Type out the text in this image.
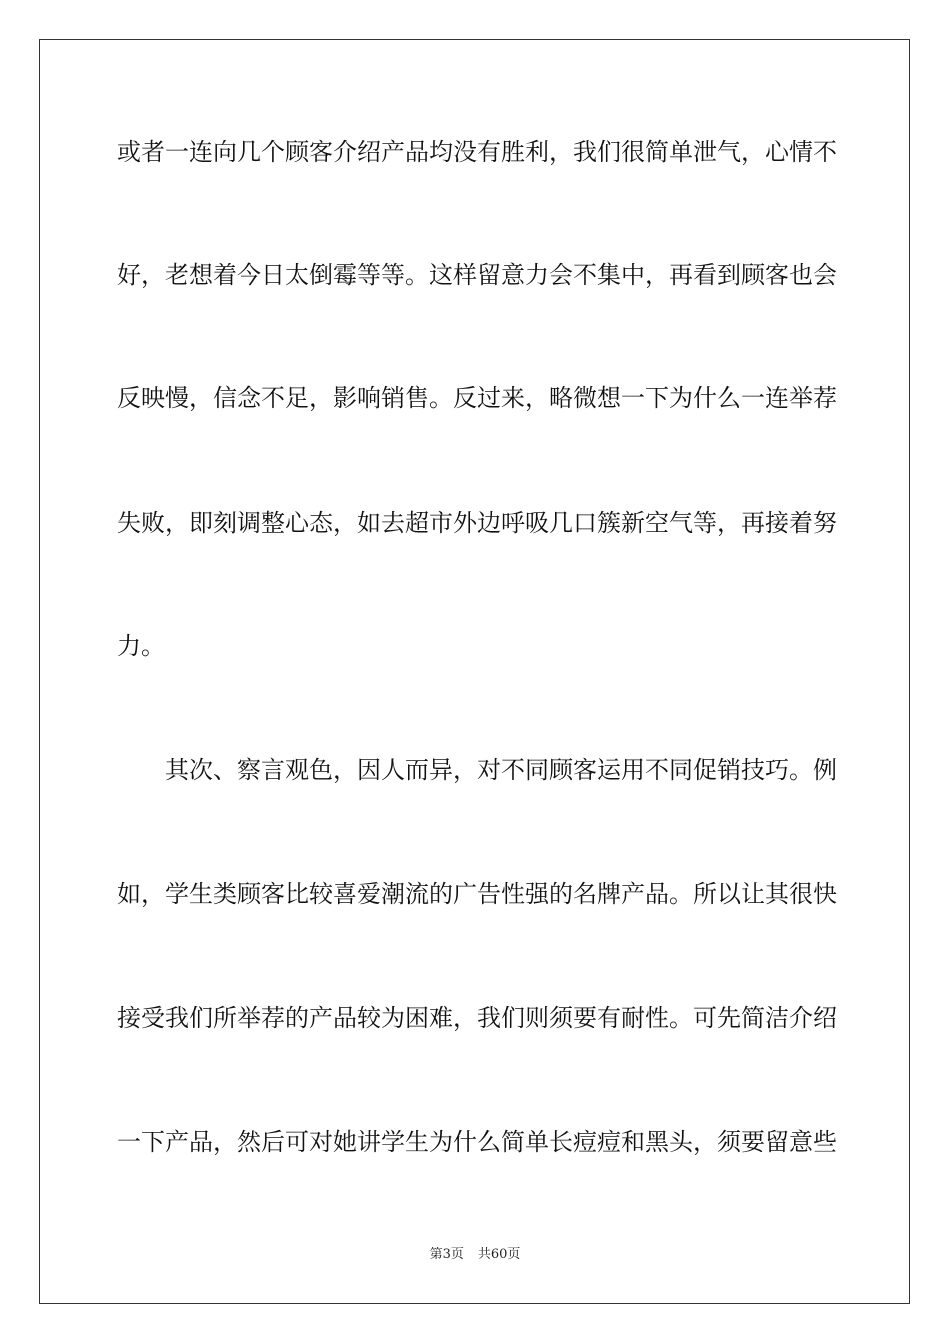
或者一连向几个顾客介绍产品均没有胜利，我们很简单泄气，心情不
好，老想着今日太倒霉等等。这样留意力会不集中，再看到顾客也会
反映慢，信念不足，影响销售。反过来，略微想一下为什么一连举荐
失败，即刻调整心态，如去超市外边呼吸几口簇新空气等，再接着努
力。
其次、察言观色，因人而异，对不同顾客运用不同促销技巧。例
如，学生类顾客比较喜爱潮流的广告性强的名牌产品。所以让其很快
接受我们所举荐的产品较为困难，我们则须要有耐性。可先简洁介绍
一下产品，然后可对她讲学生为什么简单长痘痘和黑头，须要留意些
第3页 共60页
